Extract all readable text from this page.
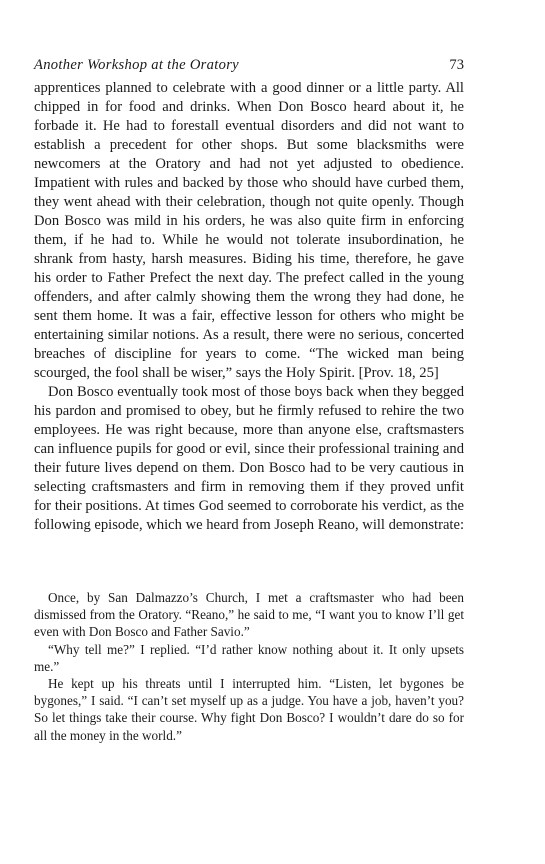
Another Workshop at the Oratory	73

apprentices planned to celebrate with a good dinner or a little party. All chipped in for food and drinks. When Don Bosco heard about it, he forbade it. He had to forestall eventual disorders and did not want to establish a precedent for other shops. But some blacksmiths were newcomers at the Oratory and had not yet adjusted to obedience. Impatient with rules and backed by those who should have curbed them, they went ahead with their celebration, though not quite openly. Though Don Bosco was mild in his orders, he was also quite firm in enforcing them, if he had to. While he would not tolerate insubordination, he shrank from hasty, harsh measures. Biding his time, therefore, he gave his order to Father Prefect the next day. The prefect called in the young offenders, and after calmly showing them the wrong they had done, he sent them home. It was a fair, effective lesson for others who might be entertaining similar notions. As a result, there were no serious, concerted breaches of discipline for years to come. “The wicked man being scourged, the fool shall be wiser,” says the Holy Spirit. [Prov. 18, 25]

Don Bosco eventually took most of those boys back when they begged his pardon and promised to obey, but he firmly refused to rehire the two employees. He was right because, more than anyone else, craftsmasters can influence pupils for good or evil, since their professional training and their future lives depend on them. Don Bosco had to be very cautious in selecting craftsmasters and firm in removing them if they proved unfit for their positions. At times God seemed to corroborate his verdict, as the following episode, which we heard from Joseph Reano, will demonstrate:

Once, by San Dalmazzo’s Church, I met a craftsmaster who had been dismissed from the Oratory. “Reano,” he said to me, “I want you to know I’ll get even with Don Bosco and Father Savio.”

“Why tell me?” I replied. “I’d rather know nothing about it. It only upsets me.”

He kept up his threats until I interrupted him. “Listen, let bygones be bygones,” I said. “I can’t set myself up as a judge. You have a job, haven’t you? So let things take their course. Why fight Don Bosco? I wouldn’t dare do so for all the money in the world.”
